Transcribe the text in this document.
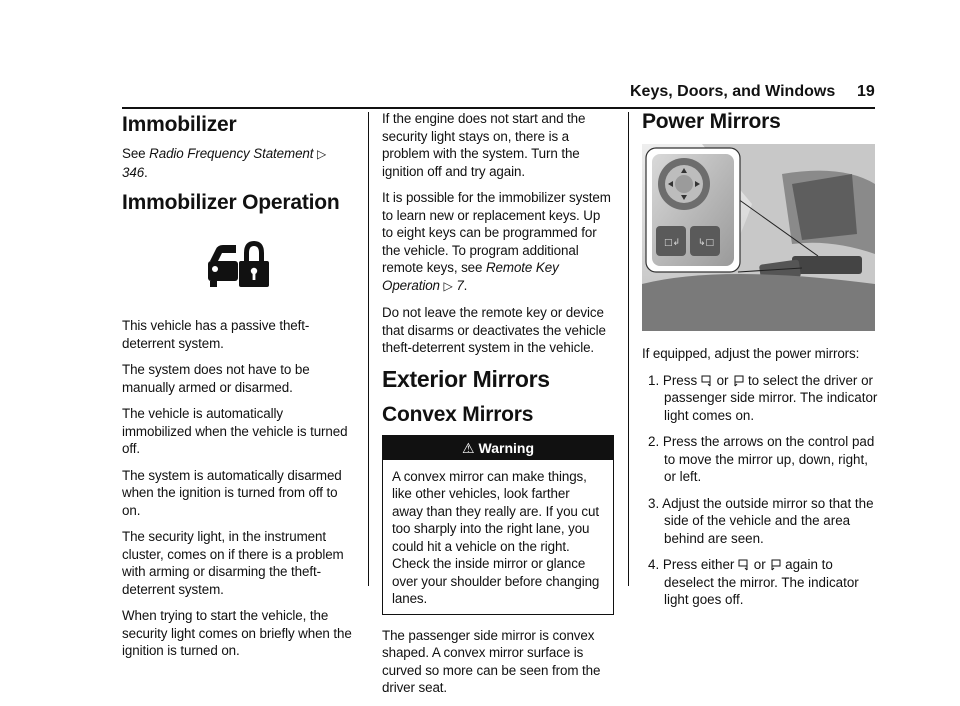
Keys, Doors, and Windows 19
Immobilizer

See Radio Frequency Statement ▷ 346.

Immobilizer Operation

This vehicle has a passive theft-deterrent system.

The system does not have to be manually armed or disarmed.

The vehicle is automatically immobilized when the vehicle is turned off.

The system is automatically disarmed when the ignition is turned from off to on.

The security light, in the instrument cluster, comes on if there is a problem with arming or disarming the theft-deterrent system.

When trying to start the vehicle, the security light comes on briefly when the ignition is turned on.

If the engine does not start and the security light stays on, there is a problem with the system. Turn the ignition off and try again.

It is possible for the immobilizer system to learn new or replacement keys. Up to eight keys can be programmed for the vehicle. To program additional remote keys, see Remote Key Operation ▷ 7.

Do not leave the remote key or device that disarms or deactivates the vehicle theft-deterrent system in the vehicle.

Exterior Mirrors
Convex Mirrors
⚠ Warning

A convex mirror can make things, like other vehicles, look farther away than they really are. If you cut too sharply into the right lane, you could hit a vehicle on the right. Check the inside mirror or glance over your shoulder before changing lanes.

The passenger side mirror is convex shaped. A convex mirror surface is curved so more can be seen from the driver seat.

Power Mirrors
□↲ ↳□

If equipped, adjust the power mirrors:

1. Press  or  to select the driver or passenger side mirror. The indicator light comes on.
2. Press the arrows on the control pad to move the mirror up, down, right, or left.
3. Adjust the outside mirror so that the side of the vehicle and the area behind are seen.
4. Press either  or  again to deselect the mirror. The indicator light goes off.
